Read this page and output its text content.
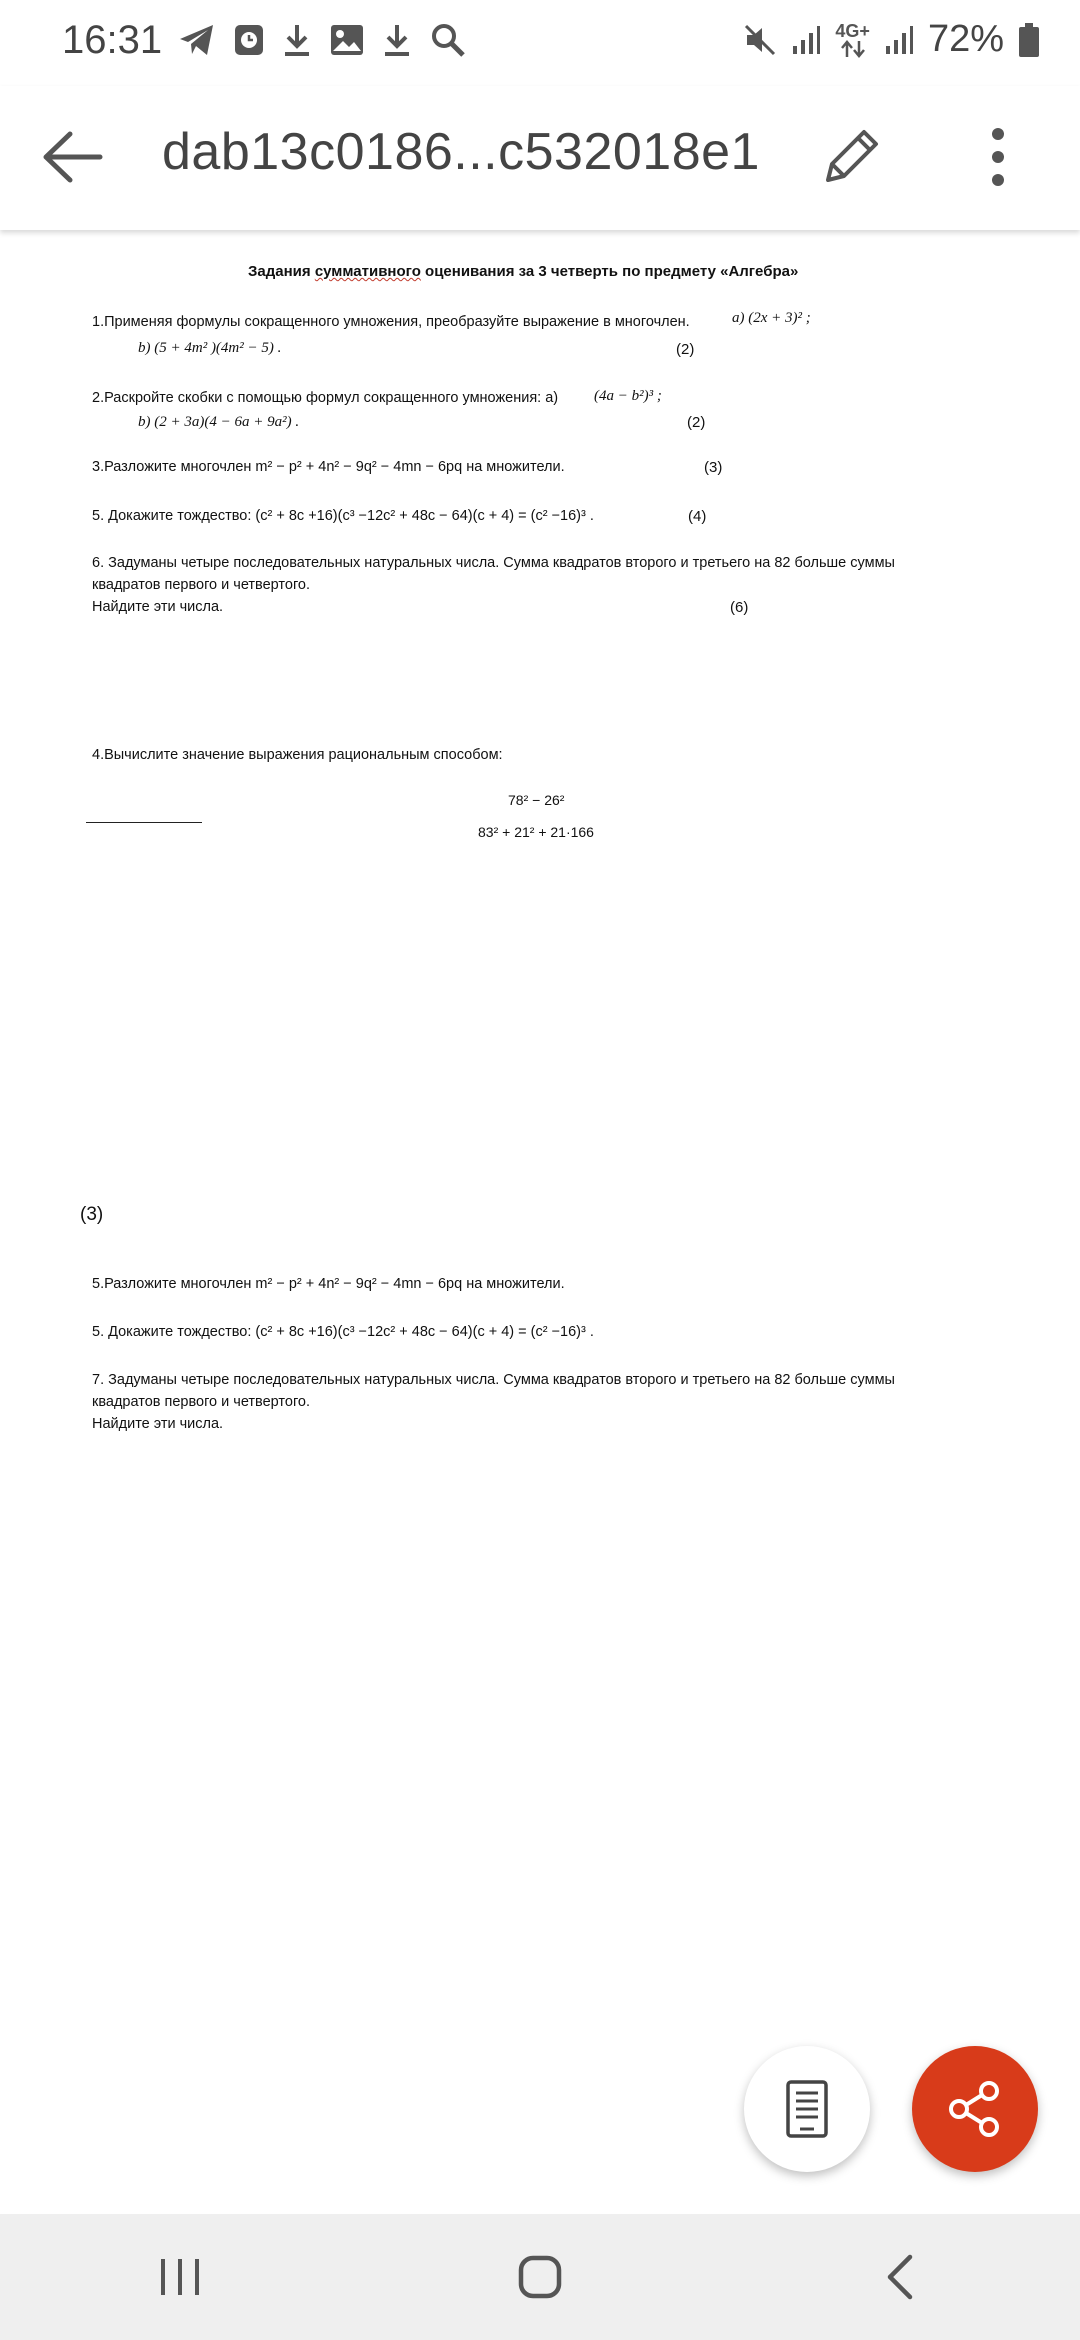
16:31	4G+ 72%
dab13c0186...c532018e1
Задания суммативного оценивания за 3 четверть по предмету «Алгебра»
1.Применяя формулы сокращенного умножения, преобразуйте выражение в многочлен.	а) (2x + 3)² ;
b) (5 + 4m² )(4m² − 5) .	(2)
2.Раскройте скобки с помощью формул сокращенного умножения: а) (4a − b²)³ ;
b) (2 + 3a)(4 − 6a + 9a²) .	(2)
3.Разложите многочлен m² − p² + 4n² − 9q² − 4mn − 6pq на множители.	(3)
5. Докажите тождество: (c² + 8c +16)(c³ −12c² + 48c − 64)(c + 4) = (c² −16)³ .	(4)
6. Задуманы четыре последовательных натуральных числа. Сумма квадратов второго и третьего на 82 больше суммы
квадратов первого и четвертого.
Найдите эти числа.	(6)
4.Вычислите значение выражения рациональным способом:
78² − 26²
83² + 21² + 21·166
(3)
5.Разложите многочлен m² − p² + 4n² − 9q² − 4mn − 6pq на множители.
5. Докажите тождество: (c² + 8c +16)(c³ −12c² + 48c − 64)(c + 4) = (c² −16)³ .
7. Задуманы четыре последовательных натуральных числа. Сумма квадратов второго и третьего на 82 больше суммы
квадратов первого и четвертого.
Найдите эти числа.
